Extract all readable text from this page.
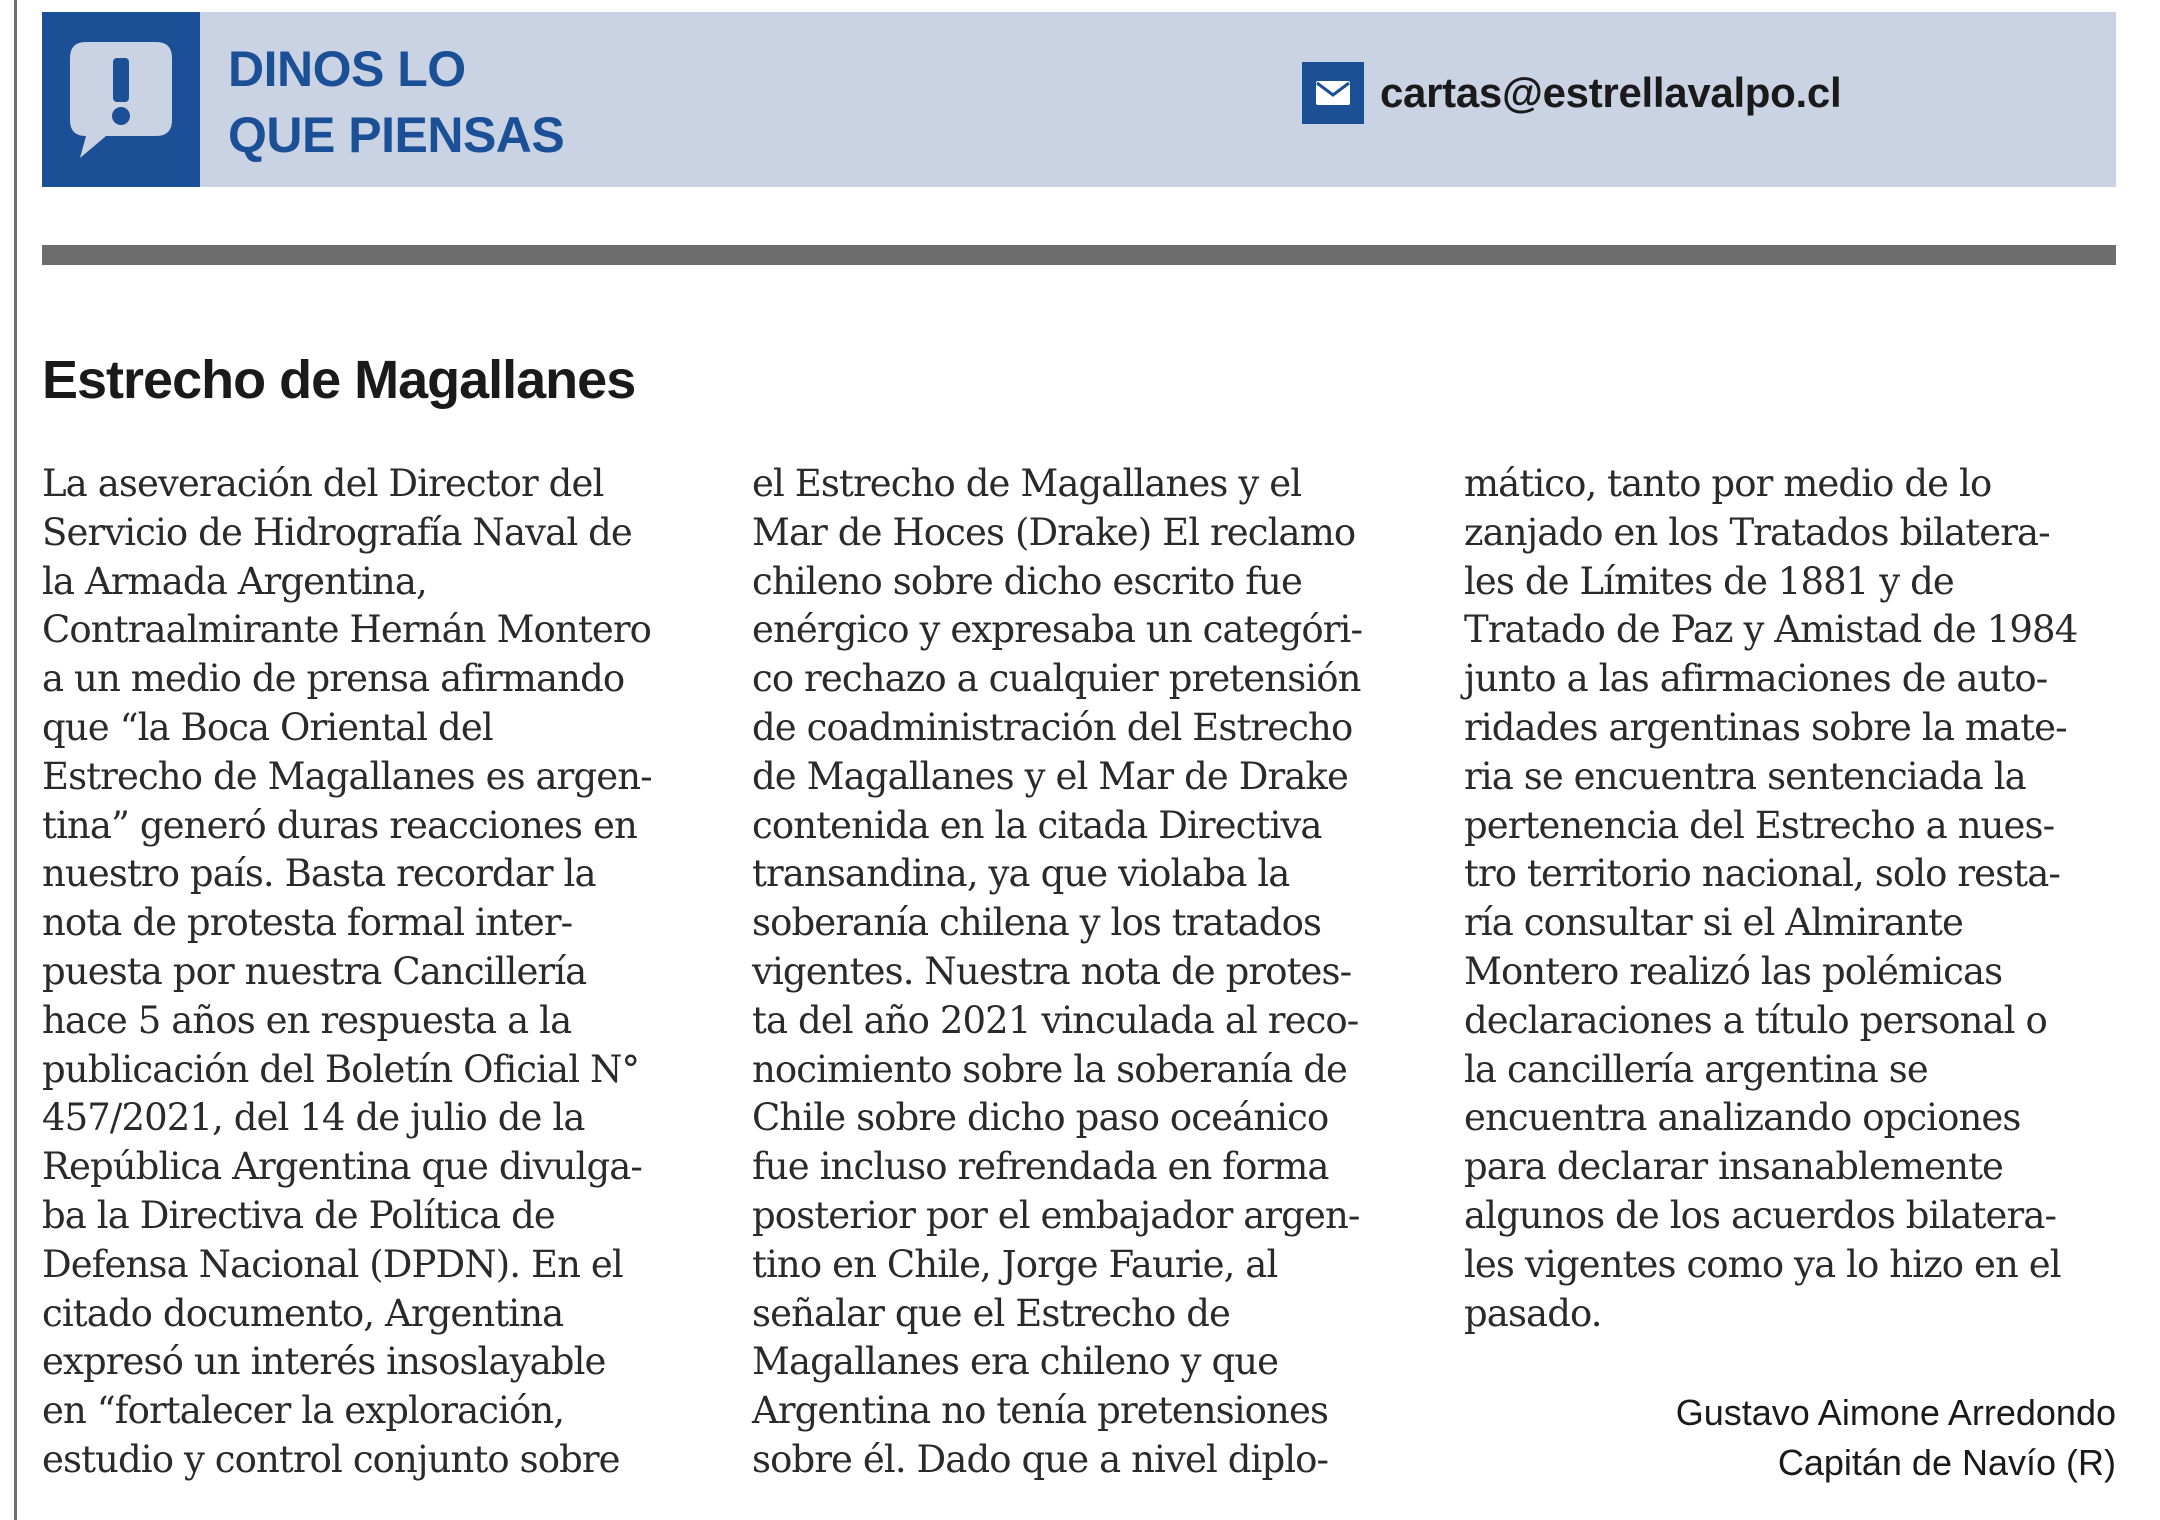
DINOS LO
QUE PIENSAS
cartas@estrellavalpo.cl
Estrecho de Magallanes
La aseveración del Director del
Servicio de Hidrografía Naval de
la Armada Argentina,
Contraalmirante Hernán Montero
a un medio de prensa afirmando
que “la Boca Oriental del
Estrecho de Magallanes es argen-
tina” generó duras reacciones en
nuestro país. Basta recordar la
nota de protesta formal inter-
puesta por nuestra Cancillería
hace 5 años en respuesta a la
publicación del Boletín Oficial N°
457/2021, del 14 de julio de la
República Argentina que divulga-
ba la Directiva de Política de
Defensa Nacional (DPDN). En el
citado documento, Argentina
expresó un interés insoslayable
en “fortalecer la exploración,
estudio y control conjunto sobre
el Estrecho de Magallanes y el
Mar de Hoces (Drake) El reclamo
chileno sobre dicho escrito fue
enérgico y expresaba un categóri-
co rechazo a cualquier pretensión
de coadministración del Estrecho
de Magallanes y el Mar de Drake
contenida en la citada Directiva
transandina, ya que violaba la
soberanía chilena y los tratados
vigentes. Nuestra nota de protes-
ta del año 2021 vinculada al reco-
nocimiento sobre la soberanía de
Chile sobre dicho paso oceánico
fue incluso refrendada en forma
posterior por el embajador argen-
tino en Chile, Jorge Faurie, al
señalar que el Estrecho de
Magallanes era chileno y que
Argentina no tenía pretensiones
sobre él. Dado que a nivel diplo-
mático, tanto por medio de lo
zanjado en los Tratados bilatera-
les de Límites de 1881 y de
Tratado de Paz y Amistad de 1984
junto a las afirmaciones de auto-
ridades argentinas sobre la mate-
ria se encuentra sentenciada la
pertenencia del Estrecho a nues-
tro territorio nacional, solo resta-
ría consultar si el Almirante
Montero realizó las polémicas
declaraciones a título personal o
la cancillería argentina se
encuentra analizando opciones
para declarar insanablemente
algunos de los acuerdos bilatera-
les vigentes como ya lo hizo en el
pasado.
Gustavo Aimone Arredondo
Capitán de Navío (R)
